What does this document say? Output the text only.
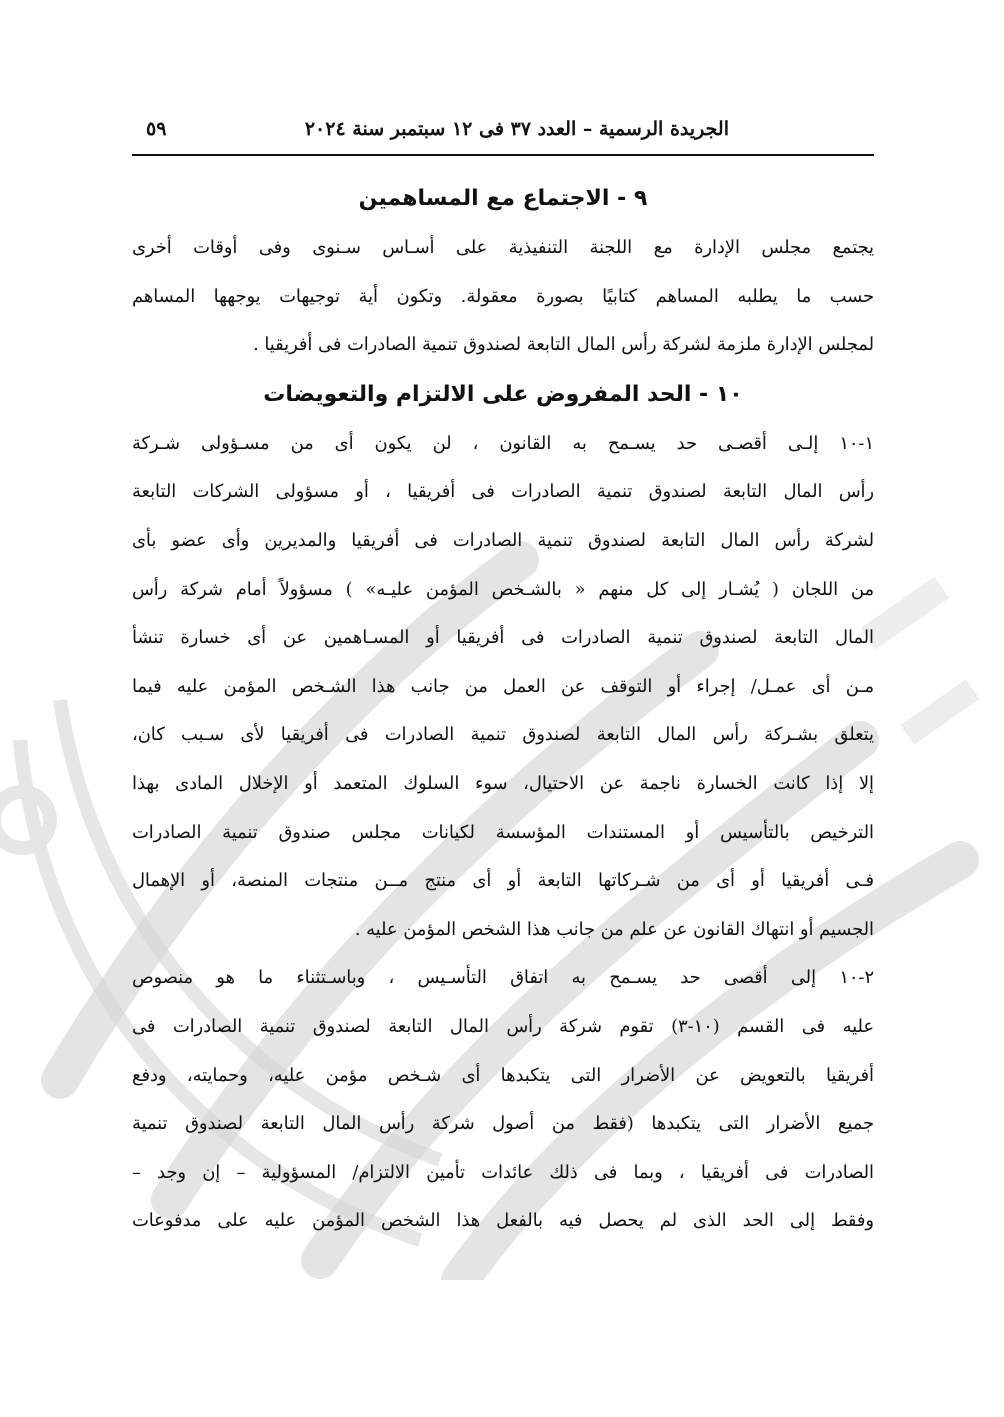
الجريدة الرسمية – العدد ٣٧ فى ١٢ سبتمبر سنة ٢٠٢٤
٥٩
٩ - الاجتماع مع المساهمين

يجتمع مجلس الإدارة مع اللجنة التنفيذية على أسـاس سـنوى وفى أوقات أخرى
حسب ما يطلبه المساهم كتابيًا بصورة معقولة. وتكون أية توجيهات يوجهها المساهم
لمجلس الإدارة ملزمة لشركة رأس المال التابعة لصندوق تنمية الصادرات فى أفريقيا .

١٠ - الحد المفروض على الالتزام والتعويضات

١-١٠ إلـى أقصـى حد يسـمح به القانون ، لن يكون أى من مسـؤولى شـركة
رأس المال التابعة لصندوق تنمية الصادرات فى أفريقيا ، أو مسؤولى الشركات التابعة
لشركة رأس المال التابعة لصندوق تنمية الصادرات فى أفريقيا والمديرين وأى عضو بأى
من اللجان ( يُشـار إلى كل منهم « بالشـخص المؤمن عليـه» ) مسؤولاً أمام شركة رأس
المال التابعة لصندوق تنمية الصادرات فى أفريقيا أو المسـاهمين عن أى خسارة تنشأ
مـن أى عمـل/ إجراء أو التوقف عن العمل من جانب هذا الشـخص المؤمن عليه فيما
يتعلق بشـركة رأس المال التابعة لصندوق تنمية الصادرات فى أفريقيا لأى سـبب كان،
إلا إذا كانت الخسارة ناجمة عن الاحتيال، سوء السلوك المتعمد أو الإخلال المادى بهذا
الترخيص بالتأسيس أو المستندات المؤسسة لكيانات مجلس صندوق تنمية الصادرات
فـى أفريقيا أو أى من شـركاتها التابعة أو أى منتج مــن منتجات المنصة، أو الإهمال
الجسيم أو انتهاك القانون عن علم من جانب هذا الشخص المؤمن عليه .

٢-١٠ إلى أقصى حد يسـمح به اتفاق التأسـيس ، وباسـتثناء ما هو منصوص
عليه فى القسم (١٠-٣) تقوم شركة رأس المال التابعة لصندوق تنمية الصادرات فى
أفريقيا بالتعويض عن الأضرار التى يتكبدها أى شـخص مؤمن عليه، وحمايته، ودفع
جميع الأضرار التى يتكبدها (فقط من أصول شركة رأس المال التابعة لصندوق تنمية
الصادرات فى أفريقيا ، وبما فى ذلك عائدات تأمين الالتزام/ المسؤولية – إن وجد –
وفقط إلى الحد الذى لم يحصل فيه بالفعل هذا الشخص المؤمن عليه على مدفوعات
